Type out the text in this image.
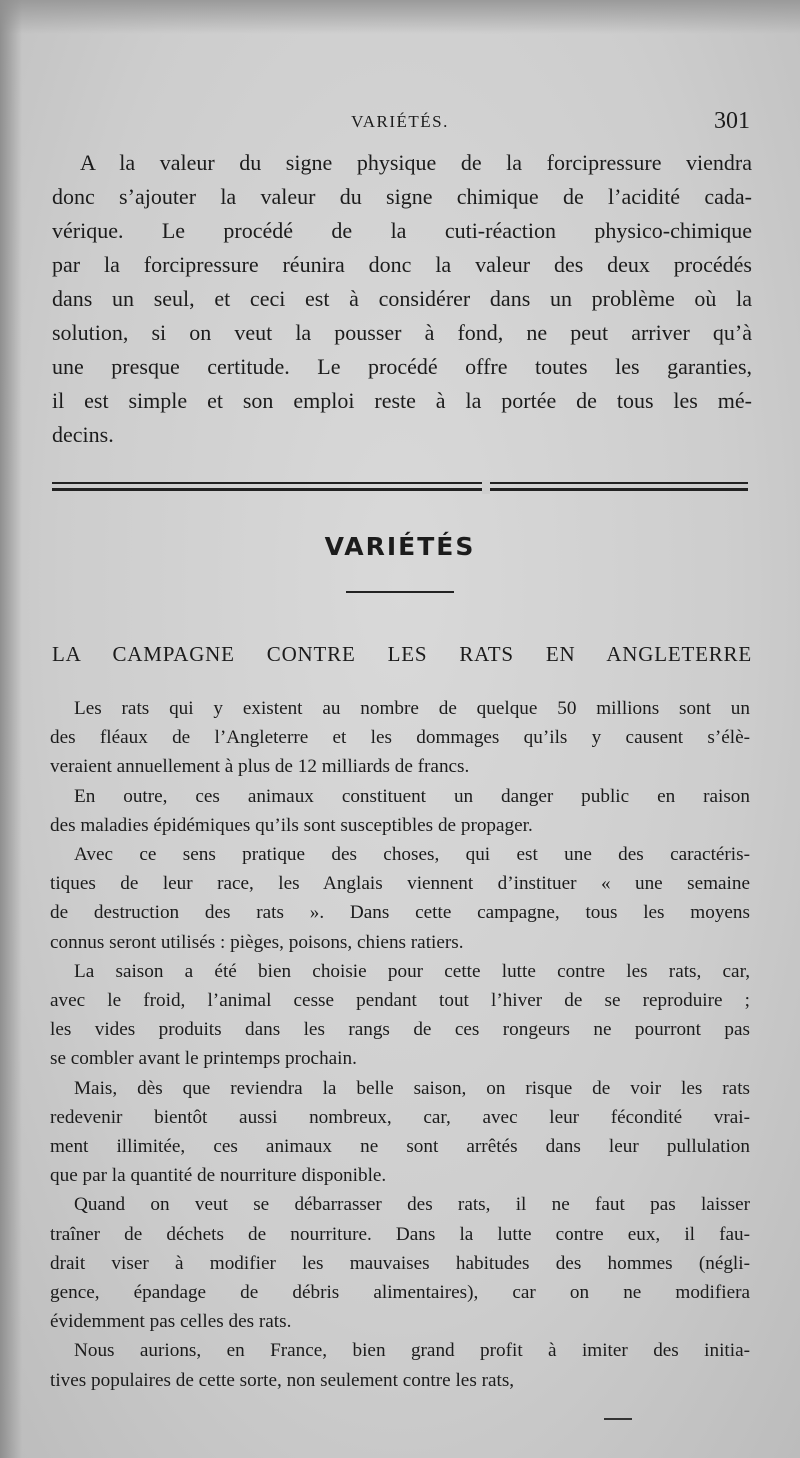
VARIÉTÉS.	301
A la valeur du signe physique de la forcipressure viendra
donc s’ajouter la valeur du signe chimique de l’acidité cada-
vérique. Le procédé de la cuti-réaction physico-chimique
par la forcipressure réunira donc la valeur des deux procédés
dans un seul, et ceci est à considérer dans un problème où la
solution, si on veut la pousser à fond, ne peut arriver qu’à
une presque certitude. Le procédé offre toutes les garanties,
il est simple et son emploi reste à la portée de tous les mé-
decins.
VARIÉTÉS
LA CAMPAGNE CONTRE LES RATS EN ANGLETERRE
Les rats qui y existent au nombre de quelque 50 millions sont un
des fléaux de l’Angleterre et les dommages qu’ils y causent s’élè-
veraient annuellement à plus de 12 milliards de francs.
En outre, ces animaux constituent un danger public en raison
des maladies épidémiques qu’ils sont susceptibles de propager.
Avec ce sens pratique des choses, qui est une des caractéris-
tiques de leur race, les Anglais viennent d’instituer « une semaine
de destruction des rats ». Dans cette campagne, tous les moyens
connus seront utilisés : pièges, poisons, chiens ratiers.
La saison a été bien choisie pour cette lutte contre les rats, car,
avec le froid, l’animal cesse pendant tout l’hiver de se reproduire ;
les vides produits dans les rangs de ces rongeurs ne pourront pas
se combler avant le printemps prochain.
Mais, dès que reviendra la belle saison, on risque de voir les rats
redevenir bientôt aussi nombreux, car, avec leur fécondité vrai-
ment illimitée, ces animaux ne sont arrêtés dans leur pullulation
que par la quantité de nourriture disponible.
Quand on veut se débarrasser des rats, il ne faut pas laisser
traîner de déchets de nourriture. Dans la lutte contre eux, il fau-
drait viser à modifier les mauvaises habitudes des hommes (négli-
gence, épandage de débris alimentaires), car on ne modifiera
évidemment pas celles des rats.
Nous aurions, en France, bien grand profit à imiter des initia-
tives populaires de cette sorte, non seulement contre les rats,
